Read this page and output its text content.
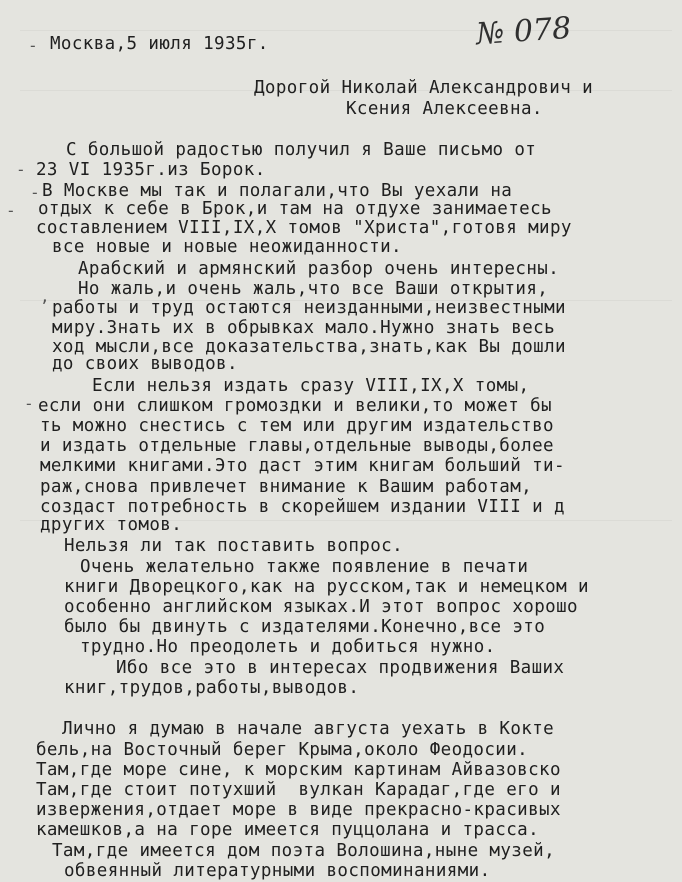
-
-
-
-
,
-
Москва,5 июля 1935г.	№ 078
Дорогой Николай Александрович и
Ксения Алексеевна.
С большой радостью получил я Ваше письмо от
23 VI 1935г.из Борок.
В Москве мы так и полагали,что Вы уехали на
отдых к себе в Брок,и там на отдухе занимаетесь
составлением VIII,IX,X томов "Христа",готовя миру
все новые и новые неожиданности.
Арабский и армянский разбор очень интересны.
Но жаль,и очень жаль,что все Ваши открытия,
работы и труд остаются неизданными,неизвестными
миру.Знать их в обрывках мало.Нужно знать весь
ход мысли,все доказательства,знать,как Вы дошли
до своих выводов.
Если нельзя издать сразу VIII,IX,X томы,
если они слишком громоздки и велики,то может бы
ть можно снестись с тем или другим издательство
и издать отдельные главы,отдельные выводы,более
мелкими книгами.Это даст этим книгам больший ти-
раж,снова привлечет внимание к Вашим работам,
создаст потребность в скорейшем издании VIII и д
других томов.
Нельзя ли так поставить вопрос.
Очень желательно также появление в печати
книги Дворецкого,как на русском,так и немецком и
особенно английском языках.И этот вопрос хорошо
было бы двинуть с издателями.Конечно,все это
трудно.Но преодолеть и добиться нужно.
Ибо все это в интересах продвижения Ваших
книг,трудов,работы,выводов.
Лично я думаю в начале августа уехать в Кокте
бель,на Восточный берег Крыма,около Феодосии.
Там,где море сине, к морским картинам Айвазовско
Там,где стоит потухший  вулкан Карадаг,где его и
извержения,отдает море в виде прекрасно-красивых
камешков,а на горе имеется пуццолана и трасса.
Там,где имеется дом поэта Волошина,ныне музей,
обвеянный литературными воспоминаниями.
